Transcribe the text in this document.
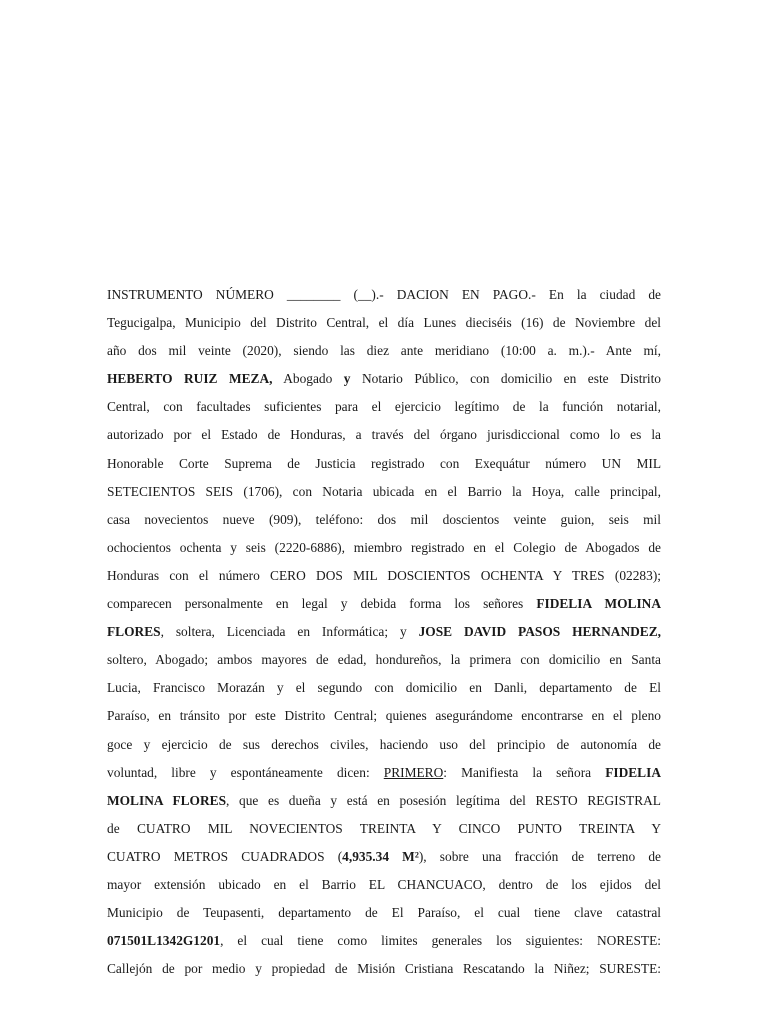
INSTRUMENTO NÚMERO ________ (__).- DACION EN PAGO.- En la ciudad de
Tegucigalpa, Municipio del Distrito Central, el día Lunes dieciséis (16) de Noviembre del
año dos mil veinte (2020), siendo las diez ante meridiano (10:00 a. m.).- Ante mí,
HEBERTO RUIZ MEZA, Abogado y Notario Público, con domicilio en este Distrito
Central, con facultades suficientes para el ejercicio legítimo de la función notarial,
autorizado por el Estado de Honduras, a través del órgano jurisdiccional como lo es la
Honorable Corte Suprema de Justicia registrado con Exequátur número UN MIL
SETECIENTOS SEIS (1706), con Notaria ubicada en el Barrio la Hoya, calle principal,
casa novecientos nueve (909), teléfono: dos mil doscientos veinte guion, seis mil
ochocientos ochenta y seis (2220-6886), miembro registrado en el Colegio de Abogados de
Honduras con el número CERO DOS MIL DOSCIENTOS OCHENTA Y TRES (02283);
comparecen personalmente en legal y debida forma los señores FIDELIA MOLINA
FLORES, soltera, Licenciada en Informática; y JOSE DAVID PASOS HERNANDEZ,
soltero, Abogado; ambos mayores de edad, hondureños, la primera con domicilio en Santa
Lucia, Francisco Morazán y el segundo con domicilio en Danli, departamento de El
Paraíso, en tránsito por este Distrito Central; quienes asegurándome encontrarse en el pleno
goce y ejercicio de sus derechos civiles, haciendo uso del principio de autonomía de
voluntad, libre y espontáneamente dicen: PRIMERO: Manifiesta la señora FIDELIA
MOLINA FLORES, que es dueña y está en posesión legítima del RESTO REGISTRAL
de CUATRO MIL NOVECIENTOS TREINTA Y CINCO PUNTO TREINTA Y
CUATRO METROS CUADRADOS (4,935.34 M²), sobre una fracción de terreno de
mayor extensión ubicado en el Barrio EL CHANCUACO, dentro de los ejidos del
Municipio de Teupasenti, departamento de El Paraíso, el cual tiene clave catastral
071501L1342G1201, el cual tiene como limites generales los siguientes: NORESTE:
Callejón de por medio y propiedad de Misión Cristiana Rescatando la Niñez; SURESTE:
